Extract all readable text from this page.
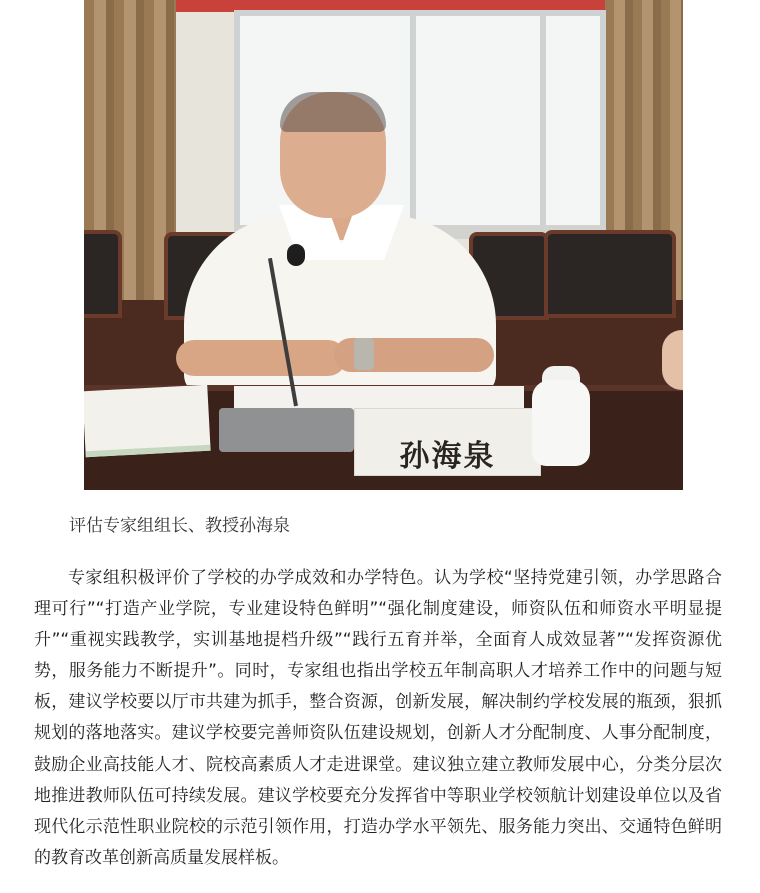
孙海泉
评估专家组组长、教授孙海泉

专家组积极评价了学校的办学成效和办学特色。认为学校“坚持党建引领，办学思路合理可行”“打造产业学院，专业建设特色鲜明”“强化制度建设，师资队伍和师资水平明显提升”“重视实践教学，实训基地提档升级”“践行五育并举，全面育人成效显著”“发挥资源优势，服务能力不断提升”。同时，专家组也指出学校五年制高职人才培养工作中的问题与短板，建议学校要以厅市共建为抓手，整合资源，创新发展，解决制约学校发展的瓶颈，狠抓规划的落地落实。建议学校要完善师资队伍建设规划，创新人才分配制度、人事分配制度，鼓励企业高技能人才、院校高素质人才走进课堂。建议独立建立教师发展中心，分类分层次地推进教师队伍可持续发展。建议学校要充分发挥省中等职业学校领航计划建设单位以及省现代化示范性职业院校的示范引领作用，打造办学水平领先、服务能力突出、交通特色鲜明的教育改革创新高质量发展样板。
